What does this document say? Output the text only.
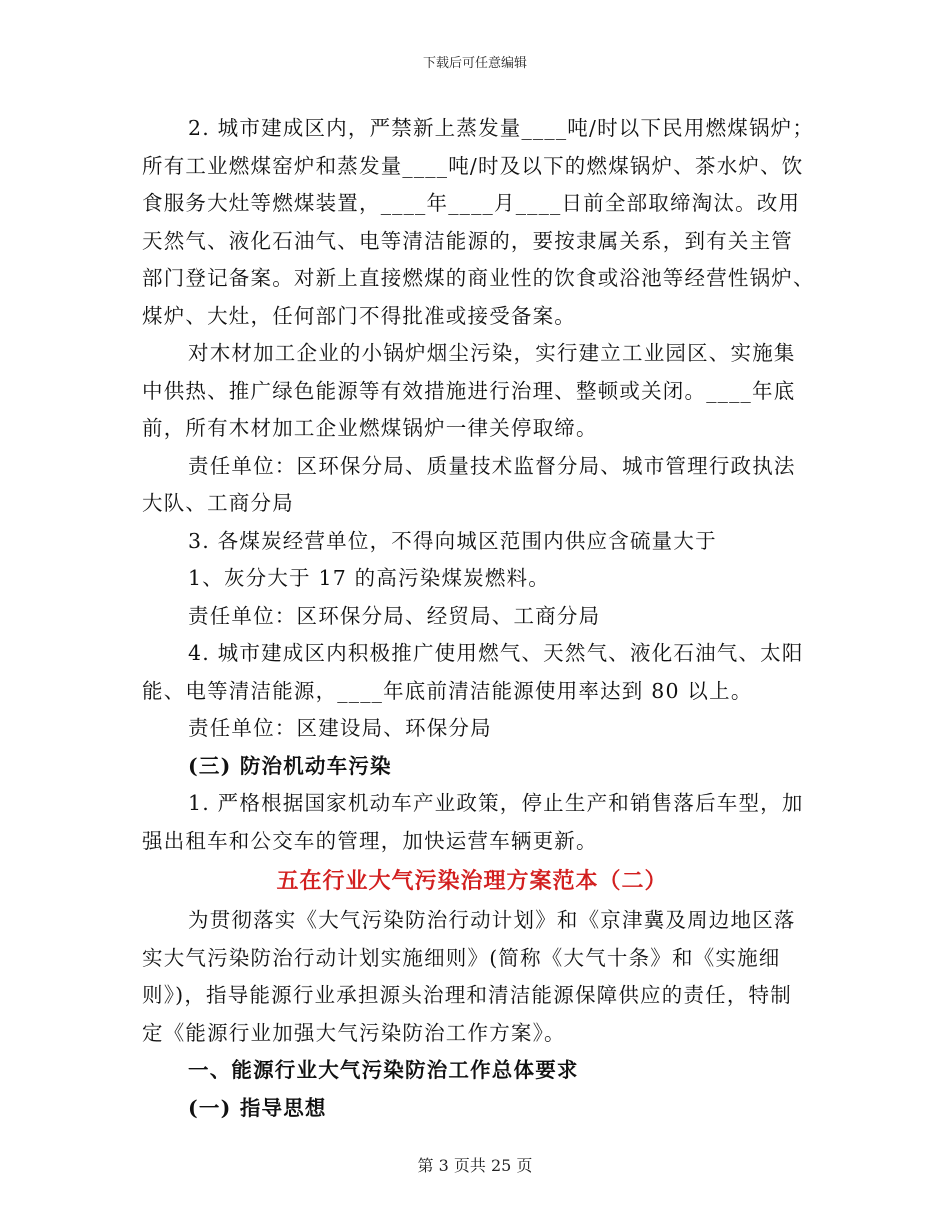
下载后可任意编辑
2. 城市建成区内，严禁新上蒸发量____吨/时以下民用燃煤锅炉；
所有工业燃煤窑炉和蒸发量____吨/时及以下的燃煤锅炉、茶水炉、饮
食服务大灶等燃煤装置，____年____月____日前全部取缔淘汰。改用
天然气、液化石油气、电等清洁能源的，要按隶属关系，到有关主管
部门登记备案。对新上直接燃煤的商业性的饮食或浴池等经营性锅炉、
煤炉、大灶，任何部门不得批准或接受备案。
对木材加工企业的小锅炉烟尘污染，实行建立工业园区、实施集
中供热、推广绿色能源等有效措施进行治理、整顿或关闭。____年底
前，所有木材加工企业燃煤锅炉一律关停取缔。
责任单位：区环保分局、质量技术监督分局、城市管理行政执法
大队、工商分局
3. 各煤炭经营单位，不得向城区范围内供应含硫量大于
1、灰分大于 17 的高污染煤炭燃料。
责任单位：区环保分局、经贸局、工商分局
4. 城市建成区内积极推广使用燃气、天然气、液化石油气、太阳
能、电等清洁能源，____年底前清洁能源使用率达到 80 以上。
责任单位：区建设局、环保分局
(三) 防治机动车污染
1. 严格根据国家机动车产业政策，停止生产和销售落后车型，加
强出租车和公交车的管理，加快运营车辆更新。
五在行业大气污染治理方案范本（二）
为贯彻落实《大气污染防治行动计划》和《京津冀及周边地区落
实大气污染防治行动计划实施细则》(简称《大气十条》和《实施细
则》)，指导能源行业承担源头治理和清洁能源保障供应的责任，特制
定《能源行业加强大气污染防治工作方案》。
一、能源行业大气污染防治工作总体要求
(一) 指导思想
第 3 页共 25 页
